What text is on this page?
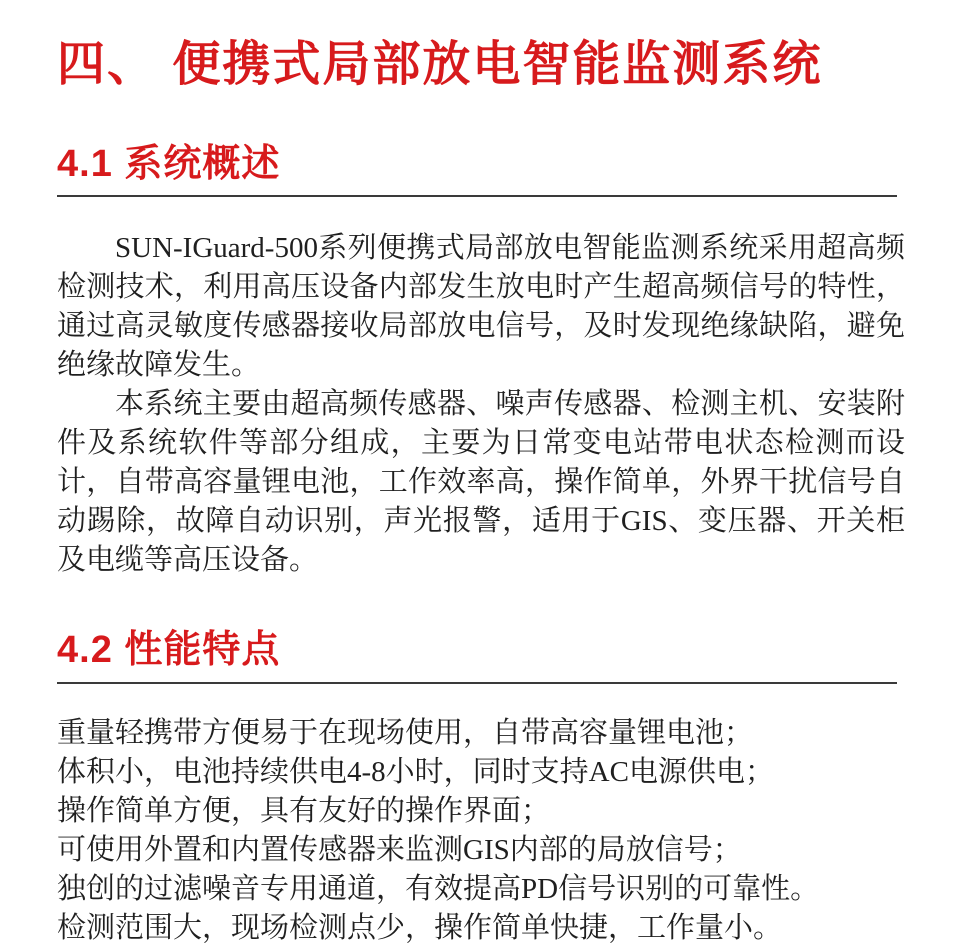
四、 便携式局部放电智能监测系统
4.1 系统概述

SUN-IGuard-500系列便携式局部放电智能监测系统采用超高频检测技术，利用高压设备内部发生放电时产生超高频信号的特性，通过高灵敏度传感器接收局部放电信号，及时发现绝缘缺陷，避免绝缘故障发生。

本系统主要由超高频传感器、噪声传感器、检测主机、安装附件及系统软件等部分组成，主要为日常变电站带电状态检测而设计，自带高容量锂电池，工作效率高，操作简单，外界干扰信号自动踢除，故障自动识别，声光报警，适用于GIS、变压器、开关柜及电缆等高压设备。

4.2 性能特点
重量轻携带方便易于在现场使用，自带高容量锂电池；
体积小，电池持续供电4-8小时，同时支持AC电源供电；
操作简单方便，具有友好的操作界面；
可使用外置和内置传感器来监测GIS内部的局放信号；
独创的过滤噪音专用通道，有效提高PD信号识别的可靠性。
检测范围大，现场检测点少，操作简单快捷，工作量小。
